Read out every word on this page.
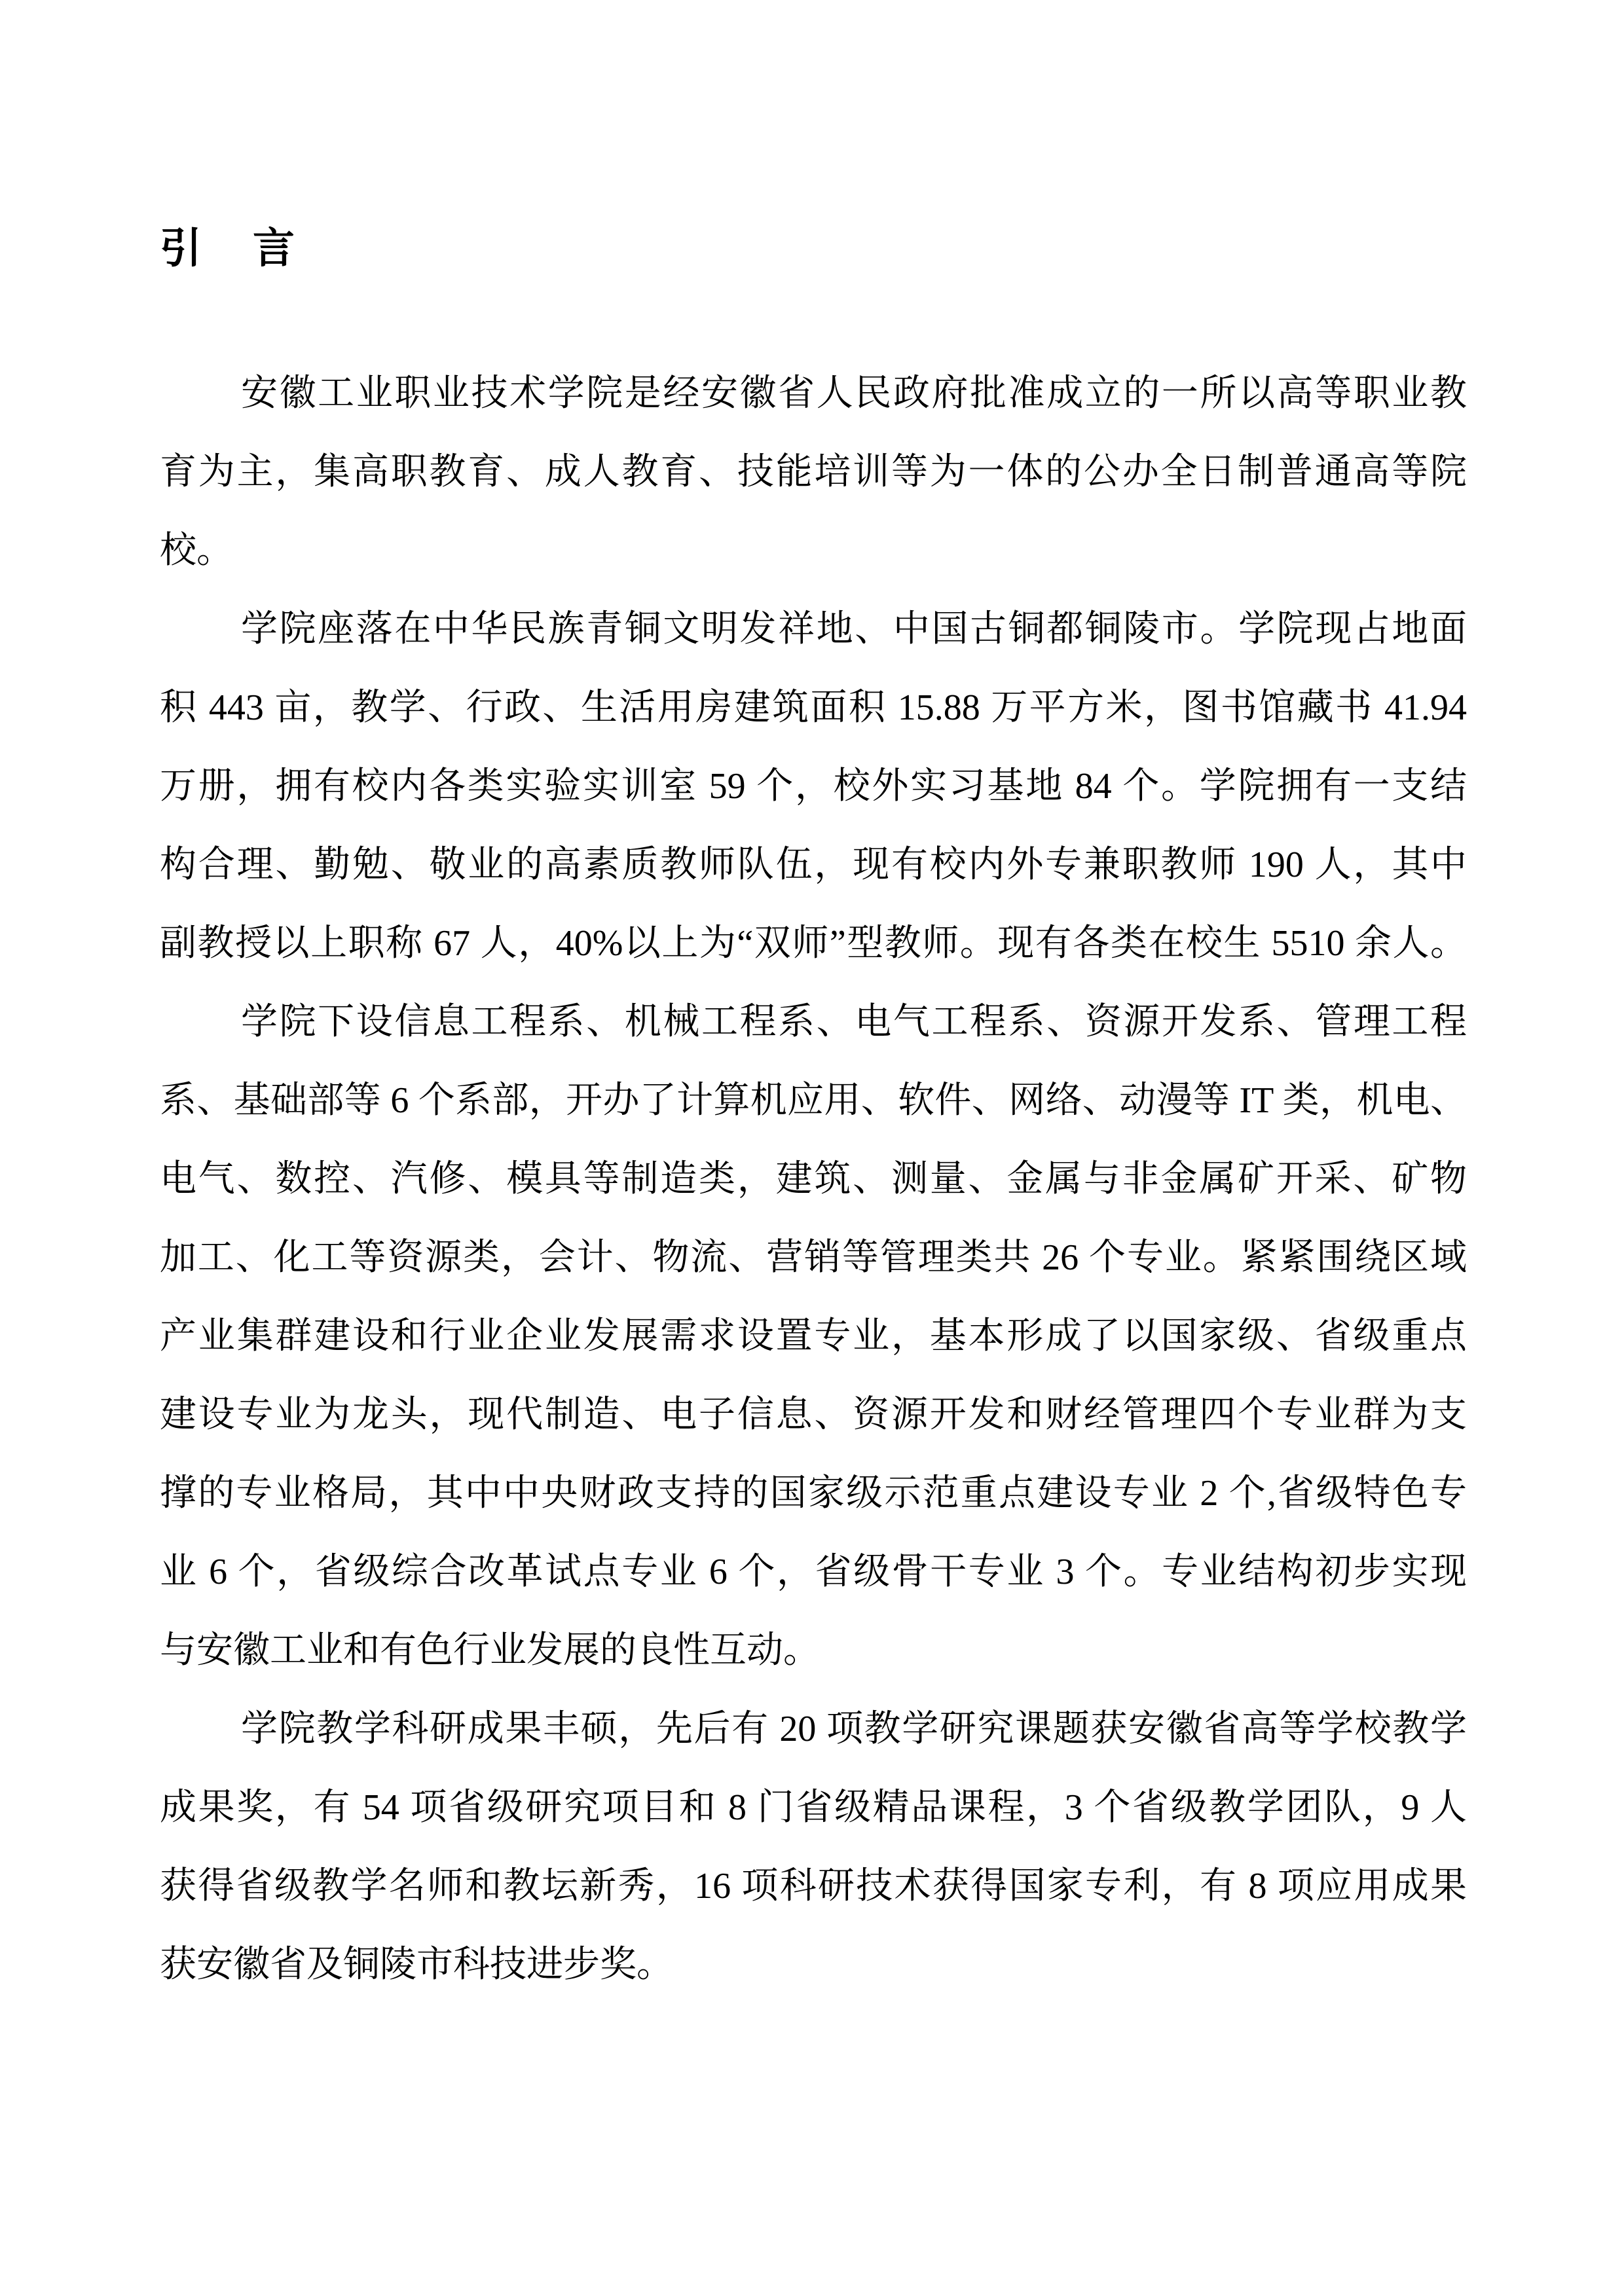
引　言
安徽工业职业技术学院是经安徽省人民政府批准成立的一所以高等职业教
育为主，集高职教育、成人教育、技能培训等为一体的公办全日制普通高等院
校。
学院座落在中华民族青铜文明发祥地、中国古铜都铜陵市。学院现占地面
积 443 亩，教学、行政、生活用房建筑面积 15.88 万平方米，图书馆藏书 41.94
万册，拥有校内各类实验实训室 59 个，校外实习基地 84 个。学院拥有一支结
构合理、勤勉、敬业的高素质教师队伍，现有校内外专兼职教师 190 人，其中
副教授以上职称 67 人，40%以上为“双师”型教师。现有各类在校生 5510 余人。
学院下设信息工程系、机械工程系、电气工程系、资源开发系、管理工程
系、基础部等 6 个系部，开办了计算机应用、软件、网络、动漫等 IT 类，机电、
电气、数控、汽修、模具等制造类，建筑、测量、金属与非金属矿开采、矿物
加工、化工等资源类，会计、物流、营销等管理类共 26 个专业。紧紧围绕区域
产业集群建设和行业企业发展需求设置专业，基本形成了以国家级、省级重点
建设专业为龙头，现代制造、电子信息、资源开发和财经管理四个专业群为支
撑的专业格局，其中中央财政支持的国家级示范重点建设专业 2 个,省级特色专
业 6 个，省级综合改革试点专业 6 个，省级骨干专业 3 个。专业结构初步实现
与安徽工业和有色行业发展的良性互动。
学院教学科研成果丰硕，先后有 20 项教学研究课题获安徽省高等学校教学
成果奖，有 54 项省级研究项目和 8 门省级精品课程，3 个省级教学团队，9 人
获得省级教学名师和教坛新秀，16 项科研技术获得国家专利，有 8 项应用成果
获安徽省及铜陵市科技进步奖。
